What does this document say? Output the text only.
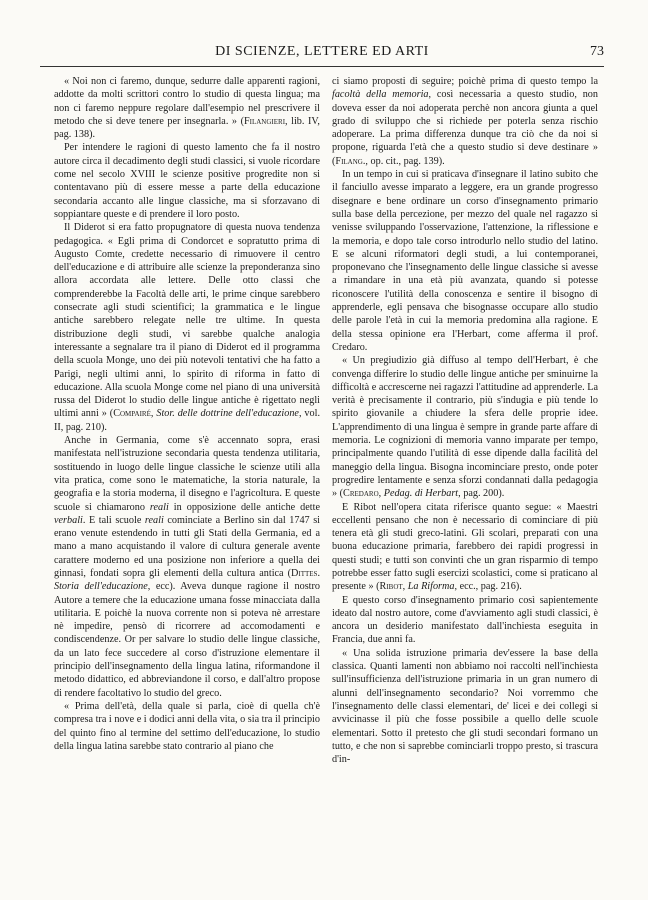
DI SCIENZE, LETTERE ED ARTI	73

« Noi non ci faremo, dunque, sedurre dalle apparenti ragioni, addotte da molti scrittori contro lo studio di questa lingua; ma non ci faremo neppure regolare dall'esempio nel prescrivere il metodo che si deve tenere per insegnarla. » (Filangieri, lib. IV, pag. 138).

Per intendere le ragioni di questo lamento che fa il nostro autore circa il decadimento degli studi classici, si vuole ricordare come nel secolo XVIII le scienze positive progredite non si contentavano più di essere messe a parte della educazione secondaria accanto alle lingue classiche, ma si sforzavano di soppiantare queste e di prendere il loro posto.

Il Diderot si era fatto propugnatore di questa nuova tendenza pedagogica. « Egli prima di Condorcet e sopratutto prima di Augusto Comte, credette necessario di rimuovere il centro dell'educazione e di attribuire alle scienze la preponderanza sino allora accordata alle lettere. Delle otto classi che comprenderebbe la Facoltà delle arti, le prime cinque sarebbero consecrate agli studi scientifici; la grammatica e le lingue antiche sarebbero relegate nelle tre ultime. In questa distribuzione degli studi, vi sarebbe qualche analogia interessante a segnalare tra il piano di Diderot ed il programma della scuola Monge, uno dei più notevoli tentativi che ha fatto a Parigi, negli ultimi anni, lo spirito di riforma in fatto di educazione. Alla scuola Monge come nel piano di una università russa del Diderot lo studio delle lingue antiche è rigettato negli ultimi anni » (Compairé, Stor. delle dottrine dell'educazione, vol. II, pag. 210).

Anche in Germania, come s'è accennato sopra, erasi manifestata nell'istruzione secondaria questa tendenza utilitaria, sostituendo in luogo delle lingue classiche le scienze utili alla vita pratica, come sono le matematiche, la storia naturale, la geografia e la storia moderna, il disegno e l'agricoltura. E queste scuole si chiamarono reali in opposizione delle antiche dette verbali. E tali scuole reali cominciate a Berlino sin dal 1747 si erano venute estendendo in tutti gli Stati della Germania, ed a mano a mano acquistando il valore di cultura generale avente carattere moderno ed una posizione non inferiore a quella dei ginnasi, fondati sopra gli elementi della cultura antica (Dittes. Storia dell'educazione, ecc). Aveva dunque ragione il nostro Autore a temere che la educazione umana fosse minacciata dalla utilitaria. E poichè la nuova corrente non si poteva nè arrestare nè impedire, pensò di ricorrere ad accomodamenti e condiscendenze. Or per salvare lo studio delle lingue classiche, da un lato fece succedere al corso d'istruzione elementare il principio dell'insegnamento della lingua latina, riformandone il metodo didattico, ed abbreviandone il corso, e dall'altro propose di rendere facoltativo lo studio del greco.

« Prima dell'età, della quale si parla, cioè di quella ch'è compresa tra i nove e i dodici anni della vita, o sia tra il principio del quinto fino al termine del settimo dell'educazione, lo studio della lingua latina sarebbe stato contrario al piano che

ci siamo proposti di seguire; poichè prima di questo tempo la facoltà della memoria, così necessaria a questo studio, non doveva esser da noi adoperata perchè non ancora giunta a quel grado di sviluppo che si richiede per poterla senza rischio adoperare. La prima differenza dunque tra ciò che da noi si propone, riguarda l'età che a questo studio si deve destinare » (Filang., op. cit., pag. 139).

In un tempo in cui si praticava d'insegnare il latino subito che il fanciullo avesse imparato a leggere, era un grande progresso disegnare e bene ordinare un corso d'insegnamento primario sulla base della percezione, per mezzo del quale nel ragazzo si venisse sviluppando l'osservazione, l'attenzione, la riflessione e la memoria, e dopo tale corso introdurlo nello studio del latino. E se alcuni riformatori degli studi, a lui contemporanei, proponevano che l'insegnamento delle lingue classiche si avesse a rimandare in una età più avanzata, quando si potesse riconoscere l'utilità della conoscenza e sentire il bisogno di apprenderle, egli pensava che bisognasse occupare allo studio delle parole l'età in cui la memoria predomina alla ragione. E della stessa opinione era l'Herbart, come afferma il prof. Credaro.

« Un pregiudizio già diffuso al tempo dell'Herbart, è che convenga differire lo studio delle lingue antiche per sminuirne la difficoltà e accrescerne nei ragazzi l'attitudine ad apprenderle. La verità è precisamente il contrario, più s'indugia e più tende lo spirito giovanile a chiudere la sfera delle proprie idee. L'apprendimento di una lingua è sempre in grande parte affare di memoria. Le cognizioni di memoria vanno imparate per tempo, principalmente quando l'utilità di esse dipende dalla facilità del maneggio della lingua. Bisogna incominciare presto, onde poter progredire lentamente e senza sforzi condannati dalla pedagogia » (Credaro, Pedag. di Herbart, pag. 200).

E Ribot nell'opera citata riferisce quanto segue: « Maestri eccellenti pensano che non è necessario di cominciare di più tenera età gli studi greco-latini. Gli scolari, preparati con una buona educazione primaria, farebbero dei rapidi progressi in questi studi; e tutti son convinti che un gran risparmio di tempo potrebbe esser fatto sugli esercizi scolastici, come si praticano al presente » (Ribot, La Riforma, ecc., pag. 216).

E questo corso d'insegnamento primario così sapientemente ideato dal nostro autore, come d'avviamento agli studi classici, è ancora un desiderio manifestato dall'inchiesta eseguita in Francia, due anni fa.

« Una solida istruzione primaria dev'essere la base della classica. Quanti lamenti non abbiamo noi raccolti nell'inchiesta sull'insufficienza dell'istruzione primaria in un gran numero di alunni dell'insegnamento secondario? Noi vorremmo che l'insegnamento delle classi elementari, de' licei e dei collegi si avvicinasse il più che fosse possibile a quello delle scuole elementari. Sotto il pretesto che gli studi secondari formano un tutto, e che non si saprebbe cominciarli troppo presto, si trascura d'in-
